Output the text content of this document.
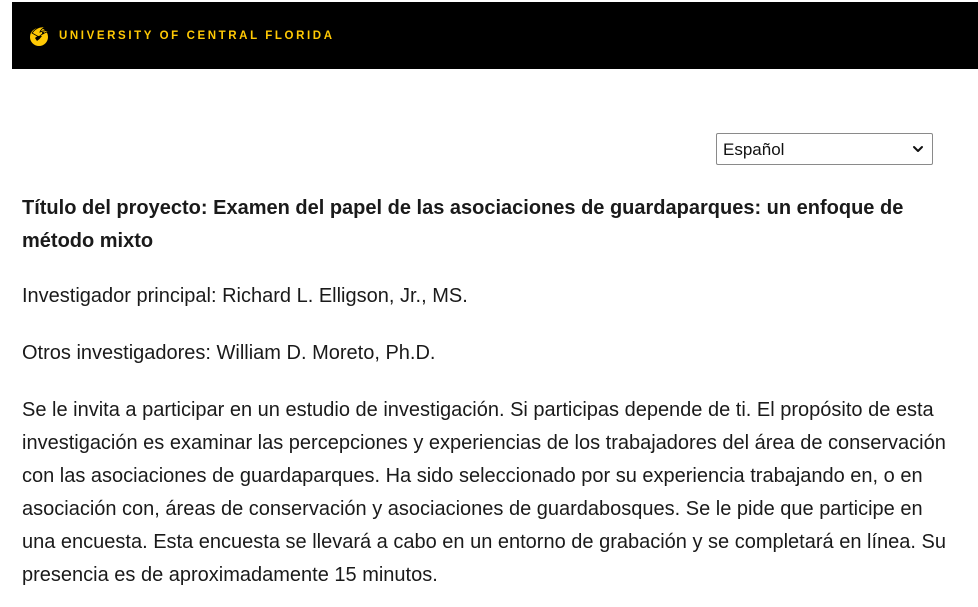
UNIVERSITY OF CENTRAL FLORIDA
Español

Título del proyecto: Examen del papel de las asociaciones de guardaparques: un enfoque de método mixto

Investigador principal: Richard L. Elligson, Jr., MS.

Otros investigadores: William D. Moreto, Ph.D.

Se le invita a participar en un estudio de investigación. Si participas depende de ti. El propósito de esta investigación es examinar las percepciones y experiencias de los trabajadores del área de conservación con las asociaciones de guardaparques. Ha sido seleccionado por su experiencia trabajando en, o en asociación con, áreas de conservación y asociaciones de guardabosques. Se le pide que participe en una encuesta. Esta encuesta se llevará a cabo en un entorno de grabación y se completará en línea. Su presencia es de aproximadamente 15 minutos.
